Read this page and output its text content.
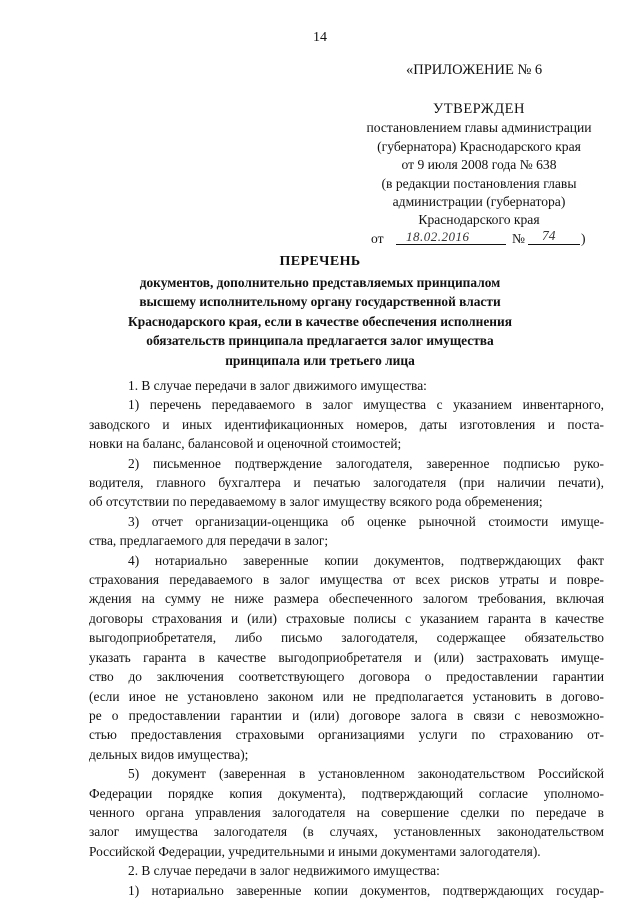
14
«ПРИЛОЖЕНИЕ № 6
УТВЕРЖДЕН
постановлением главы администрации
(губернатора) Краснодарского края
от 9 июля 2008 года № 638
(в редакции постановления главы
администрации (губернатора)
Краснодарского края
от 18.02.2016	№ 74 )
ПЕРЕЧЕНЬ
документов, дополнительно представляемых принципалом
высшему исполнительному органу государственной власти
Краснодарского края, если в качестве обеспечения исполнения
обязательств принципала предлагается залог имущества
принципала или третьего лица
1. В случае передачи в залог движимого имущества:
1) перечень передаваемого в залог имущества с указанием инвентарного,
заводского и иных идентификационных номеров, даты изготовления и поста-
новки на баланс, балансовой и оценочной стоимостей;
2) письменное подтверждение залогодателя, заверенное подписью руко-
водителя, главного бухгалтера и печатью залогодателя (при наличии печати),
об отсутствии по передаваемому в залог имуществу всякого рода обременения;
3) отчет организации-оценщика об оценке рыночной стоимости имуще-
ства, предлагаемого для передачи в залог;
4) нотариально заверенные копии документов, подтверждающих факт
страхования передаваемого в залог имущества от всех рисков утраты и повре-
ждения на сумму не ниже размера обеспеченного залогом требования, включая
договоры страхования и (или) страховые полисы с указанием гаранта в качестве
выгодоприобретателя, либо письмо залогодателя, содержащее обязательство
указать гаранта в качестве выгодоприобретателя и (или) застраховать имуще-
ство до заключения соответствующего договора о предоставлении гарантии
(если иное не установлено законом или не предполагается установить в догово-
ре о предоставлении гарантии и (или) договоре залога в связи с невозможно-
стью предоставления страховыми организациями услуги по страхованию от-
дельных видов имущества);
5) документ (заверенная в установленном законодательством Российской
Федерации порядке копия документа), подтверждающий согласие уполномо-
ченного органа управления залогодателя на совершение сделки по передаче в
залог имущества залогодателя (в случаях, установленных законодательством
Российской Федерации, учредительными и иными документами залогодателя).
2. В случае передачи в залог недвижимого имущества:
1) нотариально заверенные копии документов, подтверждающих государ-
